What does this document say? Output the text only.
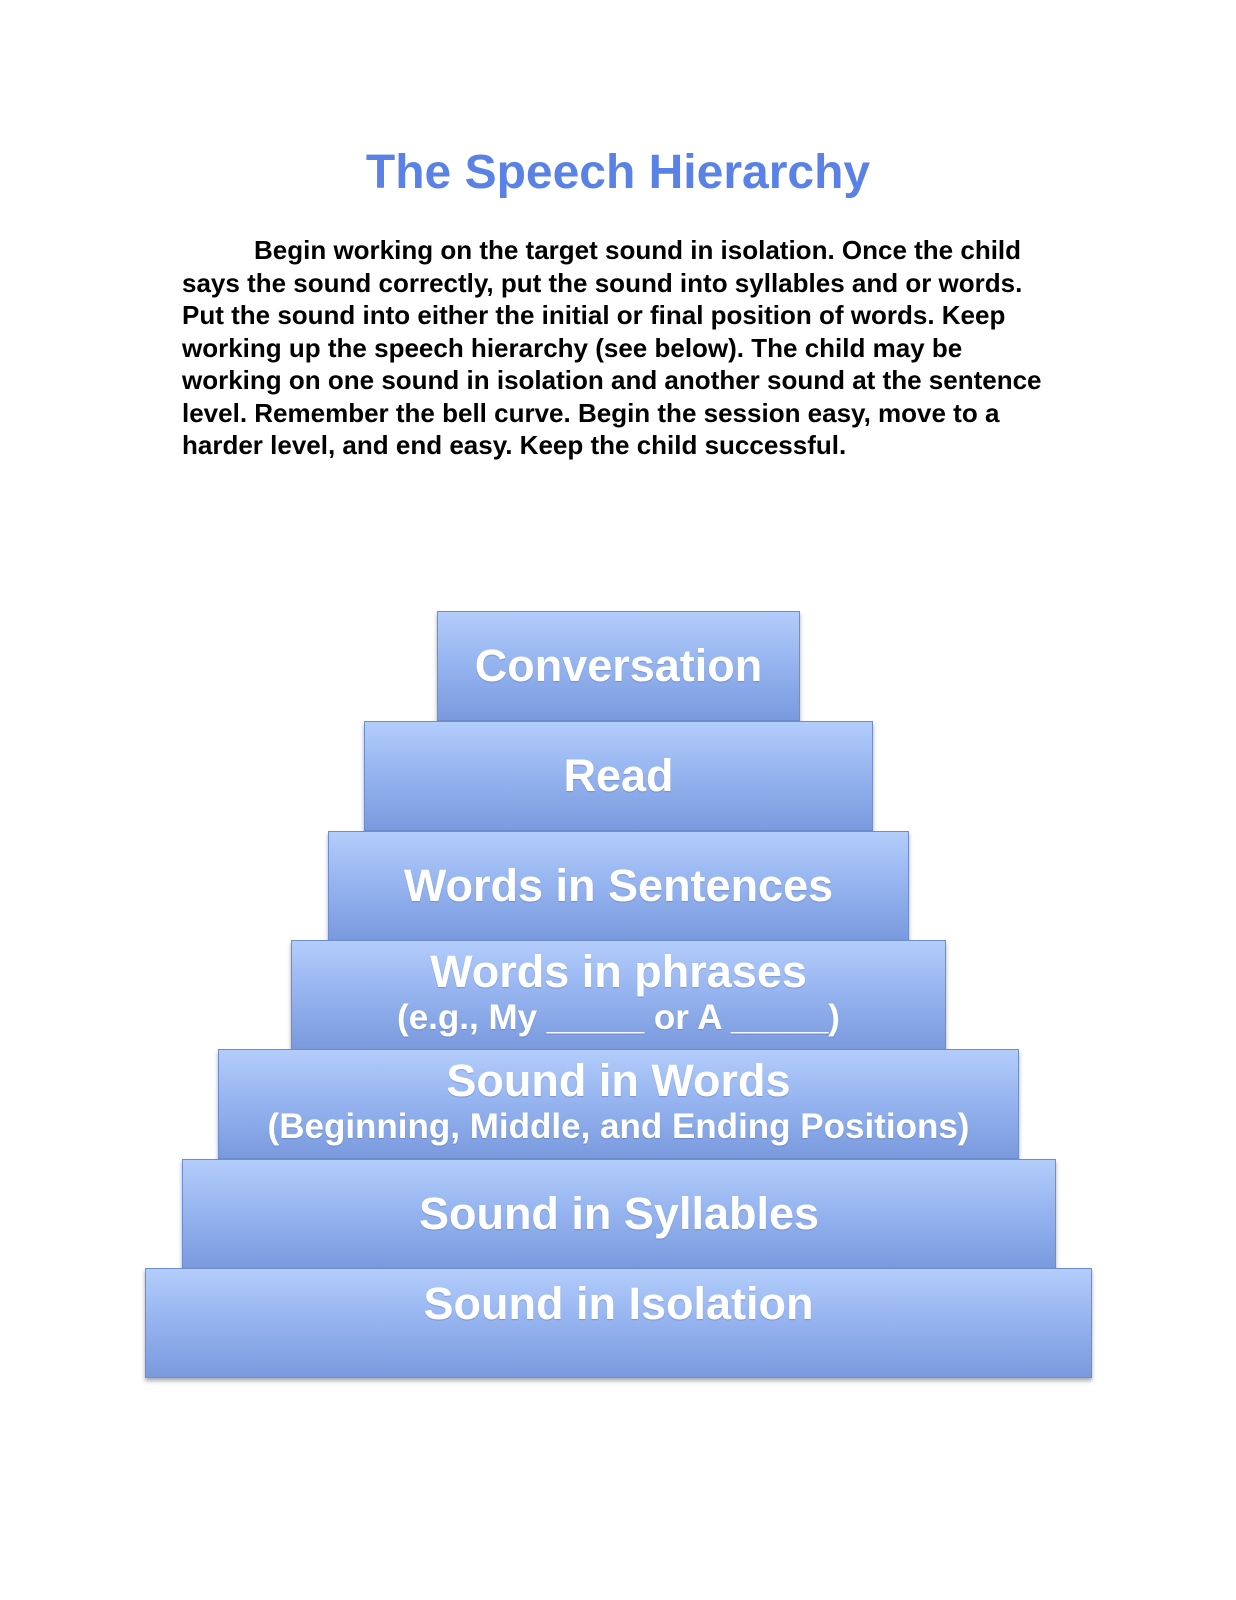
The Speech Hierarchy

Begin working on the target sound in isolation. Once the child says the sound correctly, put the sound into syllables and or words. Put the sound into either the initial or final position of words. Keep working up the speech hierarchy (see below). The child may be working on one sound in isolation and another sound at the sentence level. Remember the bell curve. Begin the session easy, move to a harder level, and end easy. Keep the child successful.

Conversation
Read
Words in Sentences
Words in phrases
(e.g., My _____ or A _____)
Sound in Words
(Beginning, Middle, and Ending Positions)
Sound in Syllables
Sound in Isolation
